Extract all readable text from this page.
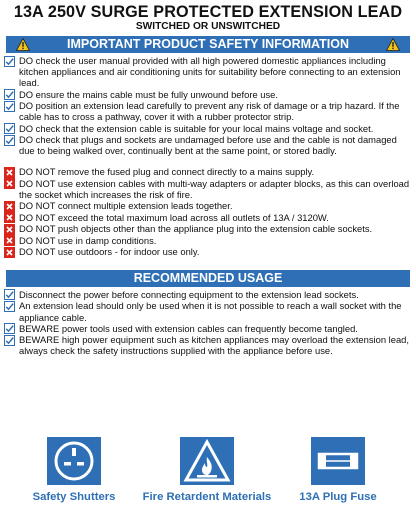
13A 250V SURGE PROTECTED EXTENSION LEAD
SWITCHED OR UNSWITCHED
IMPORTANT PRODUCT SAFETY INFORMATION
DO check the user manual provided with all high powered domestic appliances including kitchen appliances and air conditioning units for suitability before connecting to an extension lead.
DO ensure the mains cable must be fully unwound before use.
DO position an extension lead carefully to prevent any risk of damage or a trip hazard. If the cable has to cross a pathway, cover it with a rubber protector strip.
DO check that the extension cable is suitable for your local mains voltage and socket.
DO check that plugs and sockets are undamaged before use and the cable is not damaged due to being walked over, continually bent at the same point, or stored badly.
DO NOT remove the fused plug and connect directly to a mains supply.
DO NOT use extension cables with multi-way adapters or adapter blocks, as this can overload the socket which increases the risk of fire.
DO NOT connect multiple extension leads together.
DO NOT exceed the total maximum load across all outlets of 13A / 3120W.
DO NOT push objects other than the appliance plug into the extension cable sockets.
DO NOT use in damp conditions.
DO NOT use outdoors - for indoor use only.
RECOMMENDED USAGE
Disconnect the power before connecting equipment to the extension lead sockets.
An extension lead should only be used when it is not possible to reach a wall socket with the appliance cable.
BEWARE power tools used with extension cables can frequently become tangled.
BEWARE high power equipment such as kitchen appliances may overload the extension lead, always check the safety instructions supplied with the appliance before use.
Safety Shutters	Fire Retardent Materials	13A Plug Fuse
